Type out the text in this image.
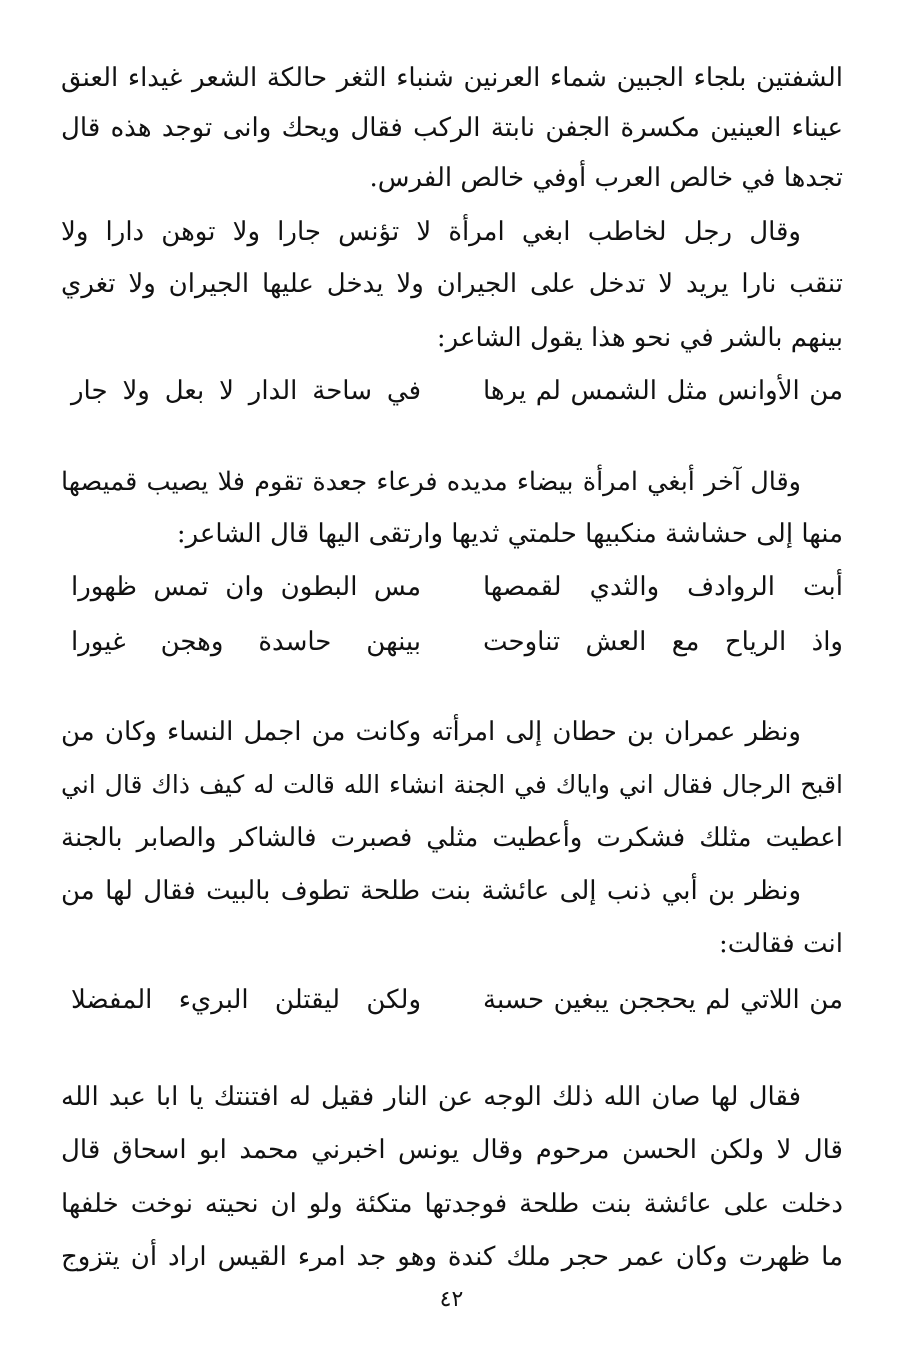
الشفتين بلجاء الجبين شماء العرنين شنباء الثغر حالكة الشعر غيداء العنق
عيناء العينين مكسرة الجفن نابتة الركب فقال ويحك وانى توجد هذه قال
تجدها في خالص العرب أوفي خالص الفرس.
وقال رجل لخاطب ابغي امرأة لا تؤنس جارا ولا توهن دارا ولا
تنقب نارا يريد لا تدخل على الجيران ولا يدخل عليها الجيران ولا تغري
بينهم بالشر في نحو هذا يقول الشاعر:
من الأوانس مثل الشمس لم يرها
في ساحة الدار لا بعل ولا جار
وقال آخر أبغي امرأة بيضاء مديده فرعاء جعدة تقوم فلا يصيب قميصها
منها إلى حشاشة منكبيها حلمتي ثديها وارتقى اليها قال الشاعر:
أبت الروادف والثدي لقمصها
مس البطون وان تمس ظهورا
واذ الرياح مع العش تناوحت
بينهن حاسدة وهجن غيورا
ونظر عمران بن حطان إلى امرأته وكانت من اجمل النساء وكان من
اقبح الرجال فقال اني واياك في الجنة انشاء الله قالت له كيف ذاك قال اني
اعطيت مثلك فشكرت وأعطيت مثلي فصبرت فالشاكر والصابر بالجنة
ونظر بن أبي ذنب إلى عائشة بنت طلحة تطوف بالبيت فقال لها من
انت فقالت:
من اللاتي لم يحججن يبغين حسبة
ولكن ليقتلن البريء المفضلا
فقال لها صان الله ذلك الوجه عن النار فقيل له افتنتك يا ابا عبد الله
قال لا ولكن الحسن مرحوم وقال يونس اخبرني محمد ابو اسحاق قال
دخلت على عائشة بنت طلحة فوجدتها متكئة ولو ان نحيته نوخت خلفها
ما ظهرت وكان عمر حجر ملك كندة وهو جد امرء القيس اراد أن يتزوج
٤٢
